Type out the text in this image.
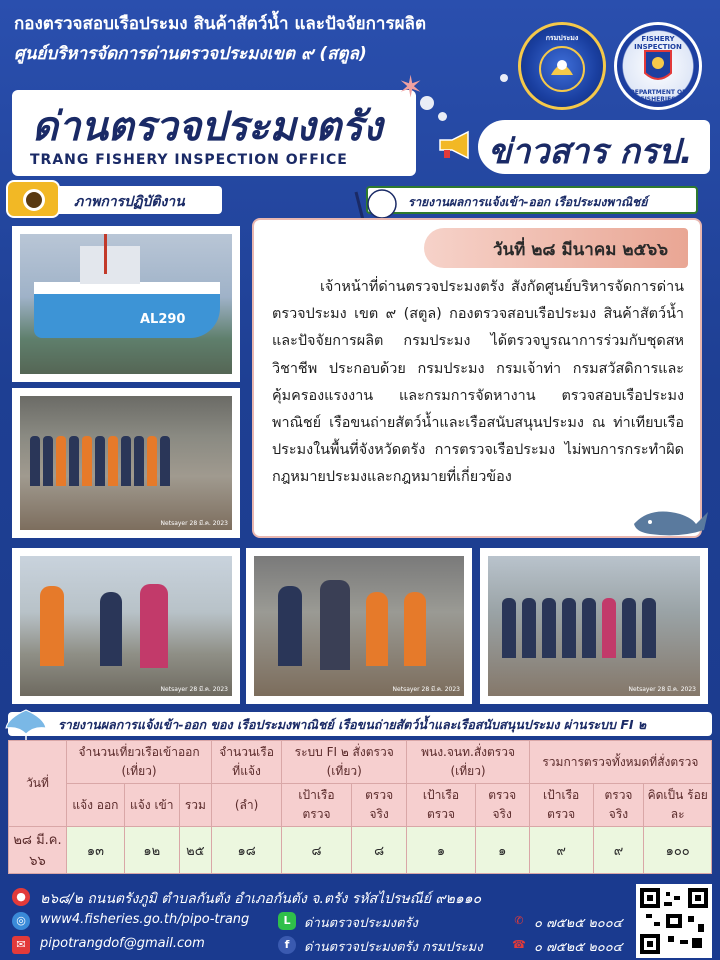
กองตรวจสอบเรือประมง สินค้าสัตว์น้ำ และปัจจัยการผลิต
ศูนย์บริหารจัดการด่านตรวจประมงเขต ๙ (สตูล)
กรมประมง	FISHERY INSPECTION
DEPARTMENT OF FISHERIES
ด่านตรวจประมงตรัง
TRANG FISHERY INSPECTION OFFICE
✶
ข่าวสาร กรป.
ภาพการปฏิบัติงาน	รายงานผลการแจ้งเข้า-ออก เรือประมงพาณิชย์
AL290
Netsayer 28 มี.ค. 2023
วันที่ ๒๘ มีนาคม ๒๕๖๖
เจ้าหน้าที่ด่านตรวจประมงตรัง สังกัดศูนย์บริหารจัดการด่านตรวจประมง เขต ๙ (สตูล) กองตรวจสอบเรือประมง สินค้าสัตว์น้ำ และปัจจัยการผลิต กรมประมง ได้ตรวจบูรณาการร่วมกับชุดสหวิชาชีพ ประกอบด้วย กรมประมง กรมเจ้าท่า กรมสวัสดิการและคุ้มครองแรงงาน และกรมการจัดหางาน ตรวจสอบเรือประมงพาณิชย์ เรือขนถ่ายสัตว์น้ำและเรือสนับสนุนประมง ณ ท่าเทียบเรือประมงในพื้นที่จังหวัดตรัง การตรวจเรือประมง ไม่พบการกระทำผิดกฎหมายประมงและกฎหมายที่เกี่ยวข้อง
Netsayer 28 มี.ค. 2023	Netsayer 28 มี.ค. 2023	Netsayer 28 มี.ค. 2023
รายงานผลการแจ้งเข้า-ออก ของ เรือประมงพาณิชย์ เรือขนถ่ายสัตว์น้ำและเรือสนับสนุนประมง ผ่านระบบ FI ๒
วันที่	จำนวนเที่ยวเรือเข้าออก (เที่ยว)			จำนวนเรือ ที่แจ้ง	ระบบ FI ๒ สั่งตรวจ (เที่ยว)		พนง.จนท.สั่งตรวจ (เที่ยว)		รวมการตรวจทั้งหมดที่สั่งตรวจ		
	แจ้ง ออก	แจ้ง เข้า	รวม	(ลำ)	เป้าเรือ ตรวจ	ตรวจ จริง	เป้าเรือ ตรวจ	ตรวจ จริง	เป้าเรือ ตรวจ	ตรวจ จริง	คิดเป็น ร้อยละ
๒๘ มี.ค. ๖๖	๑๓	๑๒	๒๕	๑๘	๘	๘	๑	๑	๙	๙	๑๐๐
●	๒๖๘/๒ ถนนตรังภูมิ ตำบลกันตัง อำเภอกันตัง จ.ตรัง รหัสไปรษณีย์ ๙๒๑๑๐
◎	www4.fisheries.go.th/pipo-trang	L	ด่านตรวจประมงตรัง	✆ ๐ ๗๕๒๕ ๒๐๐๔
✉	pipotrangdof@gmail.com	f	ด่านตรวจประมงตรัง กรมประมง	☎ ๐ ๗๕๒๕ ๒๐๐๔
